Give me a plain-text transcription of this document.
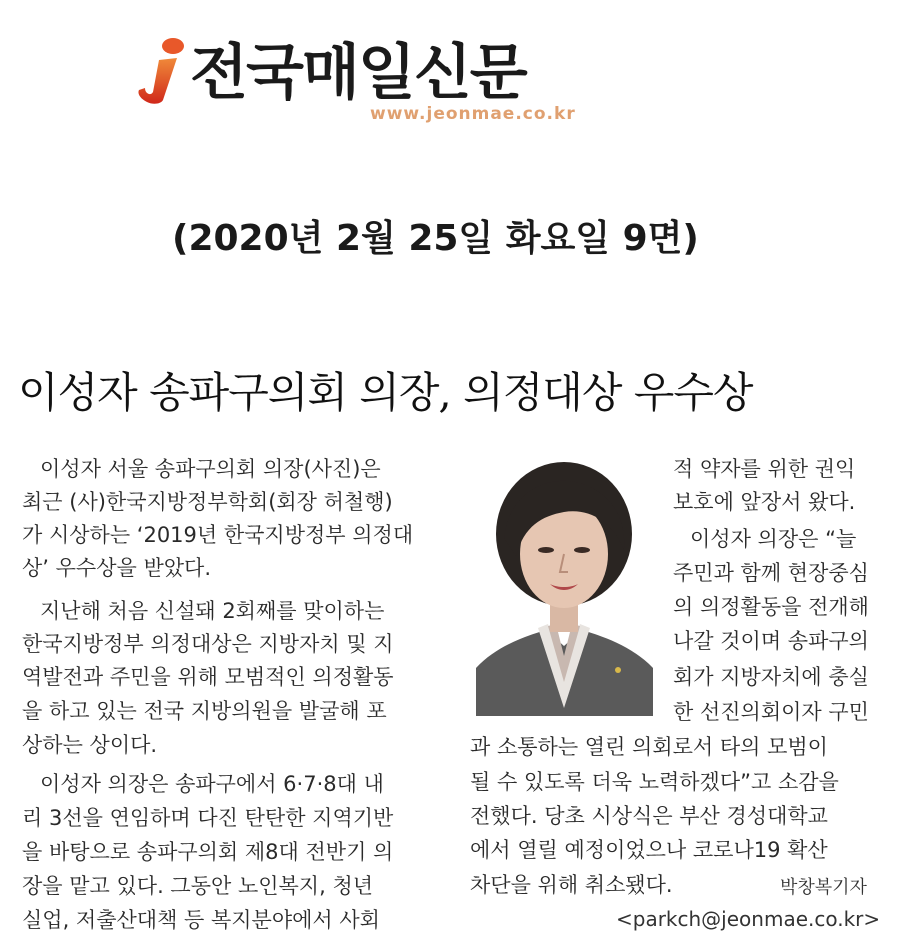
전국매일신문
www.jeonmae.co.kr
(2020년 2월 25일 화요일 9면)
이성자 송파구의회 의장, 의정대상 우수상
이성자 서울 송파구의회 의장(사진)은
최근 (사)한국지방정부학회(회장 허철행)
가 시상하는 ‘2019년 한국지방정부 의정대
상’ 우수상을 받았다.
지난해 처음 신설돼 2회째를 맞이하는
한국지방정부 의정대상은 지방자치 및 지
역발전과 주민을 위해 모범적인 의정활동
을 하고 있는 전국 지방의원을 발굴해 포
상하는 상이다.
이성자 의장은 송파구에서 6·7·8대 내
리 3선을 연임하며 다진 탄탄한 지역기반
을 바탕으로 송파구의회 제8대 전반기 의
장을 맡고 있다. 그동안 노인복지, 청년
실업, 저출산대책 등 복지분야에서 사회
적 약자를 위한 권익
보호에 앞장서 왔다.
이성자 의장은 “늘
주민과 함께 현장중심
의 의정활동을 전개해
나갈 것이며 송파구의
회가 지방자치에 충실
한 선진의회이자 구민
과 소통하는 열린 의회로서 타의 모범이
될 수 있도록 더욱 노력하겠다”고 소감을
전했다. 당초 시상식은 부산 경성대학교
에서 열릴 예정이었으나 코로나19 확산
차단을 위해 취소됐다.	박창복기자
<parkch@jeonmae.co.kr>
